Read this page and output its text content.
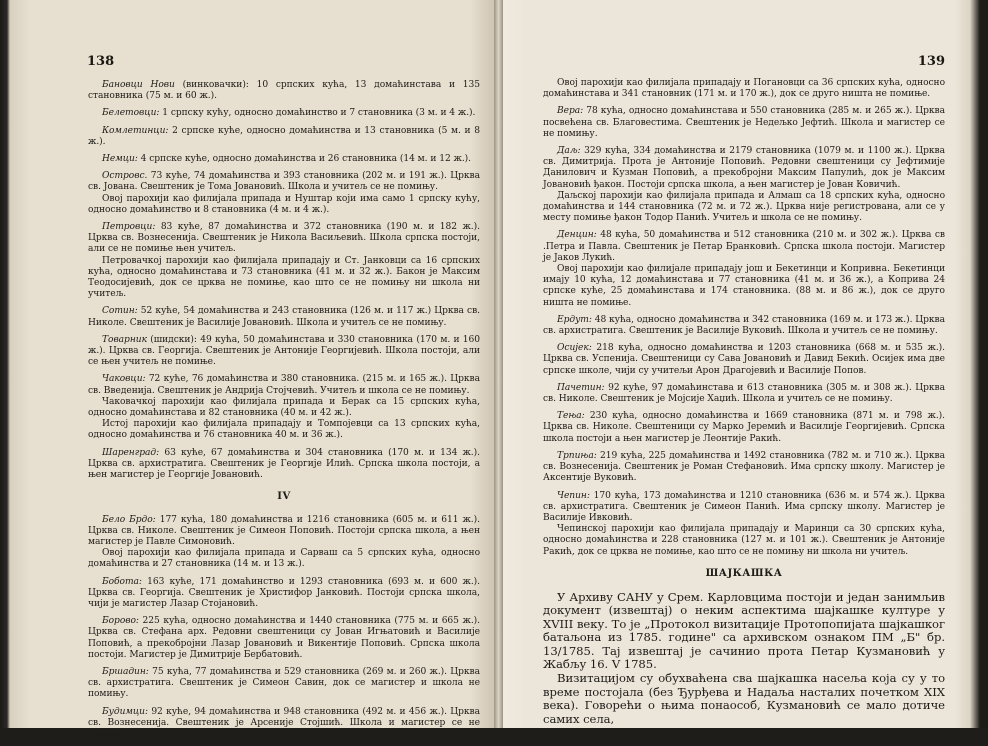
138

Бановци Нови (винковачки): 10 српских кућа, 13 домаћинстава и 135 становника (75 м. и 60 ж.).

Белетовци: 1 српску кућу, односно домаћинство и 7 становника (3 м. и 4 ж.).

Комлетинци: 2 српске куће, односно домаћинства и 13 становника (5 м. и 8 ж.).

Немци: 4 српске куће, односно домаћинства и 26 становника (14 м. и 12 ж.).

Островс. 73 куће, 74 домаћинства и 393 становника (202 м. и 191 ж.). Црква св. Јована. Свештеник је Тома Јовановић. Школа и учитељ се не помињу.

Овој парохији као филијала припада и Нуштар који има само 1 српску кућу, односно домаћинство и 8 становника (4 м. и 4 ж.).

Петровци: 83 куће, 87 домаћинства и 372 становника (190 м. и 182 ж.). Црква св. Вознесенија. Свештеник је Никола Васиљевић. Школа српска постоји, али се не помиње њен учитељ.

Петровачкој парохији као филијала припадају и Ст. Јанковци са 16 српских кућа, односно домаћинстава и 73 становника (41 м. и 32 ж.). Бакон је Максим Теодосијевић, док се црква не помиње, као што се не помињу ни школа ни учитељ.

Сотин: 52 куће, 54 домаћинства и 243 становника (126 м. и 117 ж.) Црква св. Николе. Свештеник је Василије Јовановић. Школа и учитељ се не помињу.

Товарник (шидски): 49 кућа, 50 домаћинстава и 330 становника (170 м. и 160 ж.). Црква св. Георгија. Свештеник је Антоније Георгијевић. Школа постоји, али се њен учитељ не помиње.

Чаковци: 72 куће, 76 домаћинства и 380 становника. (215 м. и 165 ж.). Црква св. Введенија. Свештеник је Андрија Стојчевић. Учитељ и школа се не помињу.

Чаковачкој парохији као филијала припада и Берак са 15 српских кућа, односно домаћинстава и 82 становника (40 м. и 42 ж.).

Истој парохији као филијала припадају и Томпојевци са 13 српских кућа, односно домаћинства и 76 становника 40 м. и 36 ж.).

Шаренград: 63 куће, 67 домаћинства и 304 становника (170 м. и 134 ж.). Црква св. архистратига. Свештеник је Георгије Илић. Српска школа постоји, а њен магистер је Георгије Јовановић.

IV

Бело Брдо: 177 кућа, 180 домаћинства и 1216 становника (605 м. и 611 ж.). Црква св. Николе. Свештеник је Симеон Поповић. Постоји српска школа, а њен магистер је Павле Симоновић.

Овој парохији као филијала припада и Сарваш са 5 српских кућа, односно домаћинства и 27 становника (14 м. и 13 ж.).

Бобота: 163 куће, 171 домаћинство и 1293 становника (693 м. и 600 ж.). Црква св. Георгија. Свештеник је Христифор Јанковић. Постоји српска школа, чији је магистер Лазар Стојановић.

Борово: 225 кућа, односно домаћинства и 1440 становника (775 м. и 665 ж.). Црква св. Стефана арх. Редовни свештеници су Јован Игњатовић и Василије Поповић, а прекобројни Лазар Јовановић и Викентије Поповић. Српска школа постоји. Магистер је Димитрије Бербатовић.

Бршадин: 75 кућа, 77 домаћинства и 529 становника (269 м. и 260 ж.). Црква св. архистратига. Свештеник је Симеон Савин, док се магистер и школа не помињу.

Будимци: 92 куће, 94 домаћинства и 948 становника (492 м. и 456 ж.). Црква св. Вознесенија. Свештеник је Арсеније Стојшић. Школа и магистер се не помињу.

139

Овој парохији као филијала припадају и Погановци са 36 српских кућа, односно домаћинстава и 341 становник (171 м. и 170 ж.), док се друго ништа не помиње.

Вера: 78 кућа, односно домаћинстава и 550 становника (285 м. и 265 ж.). Црква посвећена св. Благовестима. Свештеник је Недељко Јефтић. Школа и магистер се не помињу.

Даљ: 329 кућа, 334 домаћинства и 2179 становника (1079 м. и 1100 ж.). Црква св. Димитрија. Прота је Антоније Поповић. Редовни свештеници су Јефтимије Данилович и Кузман Поповић, а прекобројни Максим Папулић, док је Максим Јовановић ђакон. Постоји српска школа, а њен магистер је Јован Ковичић.

Даљској парохији као филијала припада и Алмаш са 18 српских кућа, односно домаћинства и 144 становника (72 м. и 72 ж.). Црква није регистрована, али се у месту помиње ђакон Тодор Панић. Учитељ и школа се не помињу.

Денцин: 48 кућа, 50 домаћинства и 512 становника (210 м. и 302 ж.). Црква св .Петра и Павла. Свештеник је Петар Бранковић. Српска школа постоји. Магистер је Јаков Лукић.

Овој парохији као филијале припадају још и Бекетинци и Копривна. Бекетинци имају 10 кућа, 12 домаћинстава и 77 становника (41 м. и 36 ж.), а Коприва 24 српске куће, 25 домаћинстава и 174 становника. (88 м. и 86 ж.), док се друго ништа не помиње.

Ердут: 48 кућа, односно домаћинства и 342 становника (169 м. и 173 ж.). Црква св. архистратига. Свештеник је Василије Вуковић. Школа и учитељ се не помињу.

Осијек: 218 кућа, односно домаћинства и 1203 становника (668 м. и 535 ж.). Црква св. Успенија. Свештеници су Сава Јовановић и Давид Бекић. Осијек има две српске школе, чији су учитељи Арон Драгојевић и Василије Попов.

Пачетин: 92 куће, 97 домаћинстава и 613 становника (305 м. и 308 ж.). Црква св. Николе. Свештеник је Мојсије Хаџић. Школа и учитељ се не помињу.

Тења: 230 кућа, односно домаћинства и 1669 становника (871 м. и 798 ж.). Црква св. Николе. Свештеници су Марко Јеремић и Василије Георгијевић. Српска школа постоји а њен магистер је Леонтије Ракић.

Трпиња: 219 кућа, 225 домаћинства и 1492 становника (782 м. и 710 ж.). Црква св. Вознесенија. Свештеник је Роман Стефановић. Има српску школу. Магистер је Аксентије Вуковић.

Чепин: 170 кућа, 173 домаћинства и 1210 становника (636 м. и 574 ж.). Црква св. архистратига. Свештеник је Симеон Панић. Има српску школу. Магистер је Василије Ивковић.

Чепинској парохији као филијала припадају и Маринци са 30 српских кућа, односно домаћинства и 228 становника (127 м. и 101 ж.). Свештеник је Антоније Ракић, док се црква не помиње, као што се не помињу ни школа ни учитељ.

ШАЈКАШКА

У Архиву САНУ у Срем. Карловцима постоји и један занимљив документ (извештај) о неким аспектима шајкашке културе у XVIII веку. То је „Протокол визитације Протопопијата шајкашког батаљона из 1785. године" са архивском ознаком ПМ „Б" бр. 13/1785. Тај извештај је сачинио прота Петар Кузмановић у Жабљу 16. V 1785.

Визитацијом су обухваћена сва шајкашка насеља која су у то време постојала (без Ђурђева и Надаља насталих почетком XIX века). Говорећи о њима понаособ, Кузмановић се мало дотиче самих села,
